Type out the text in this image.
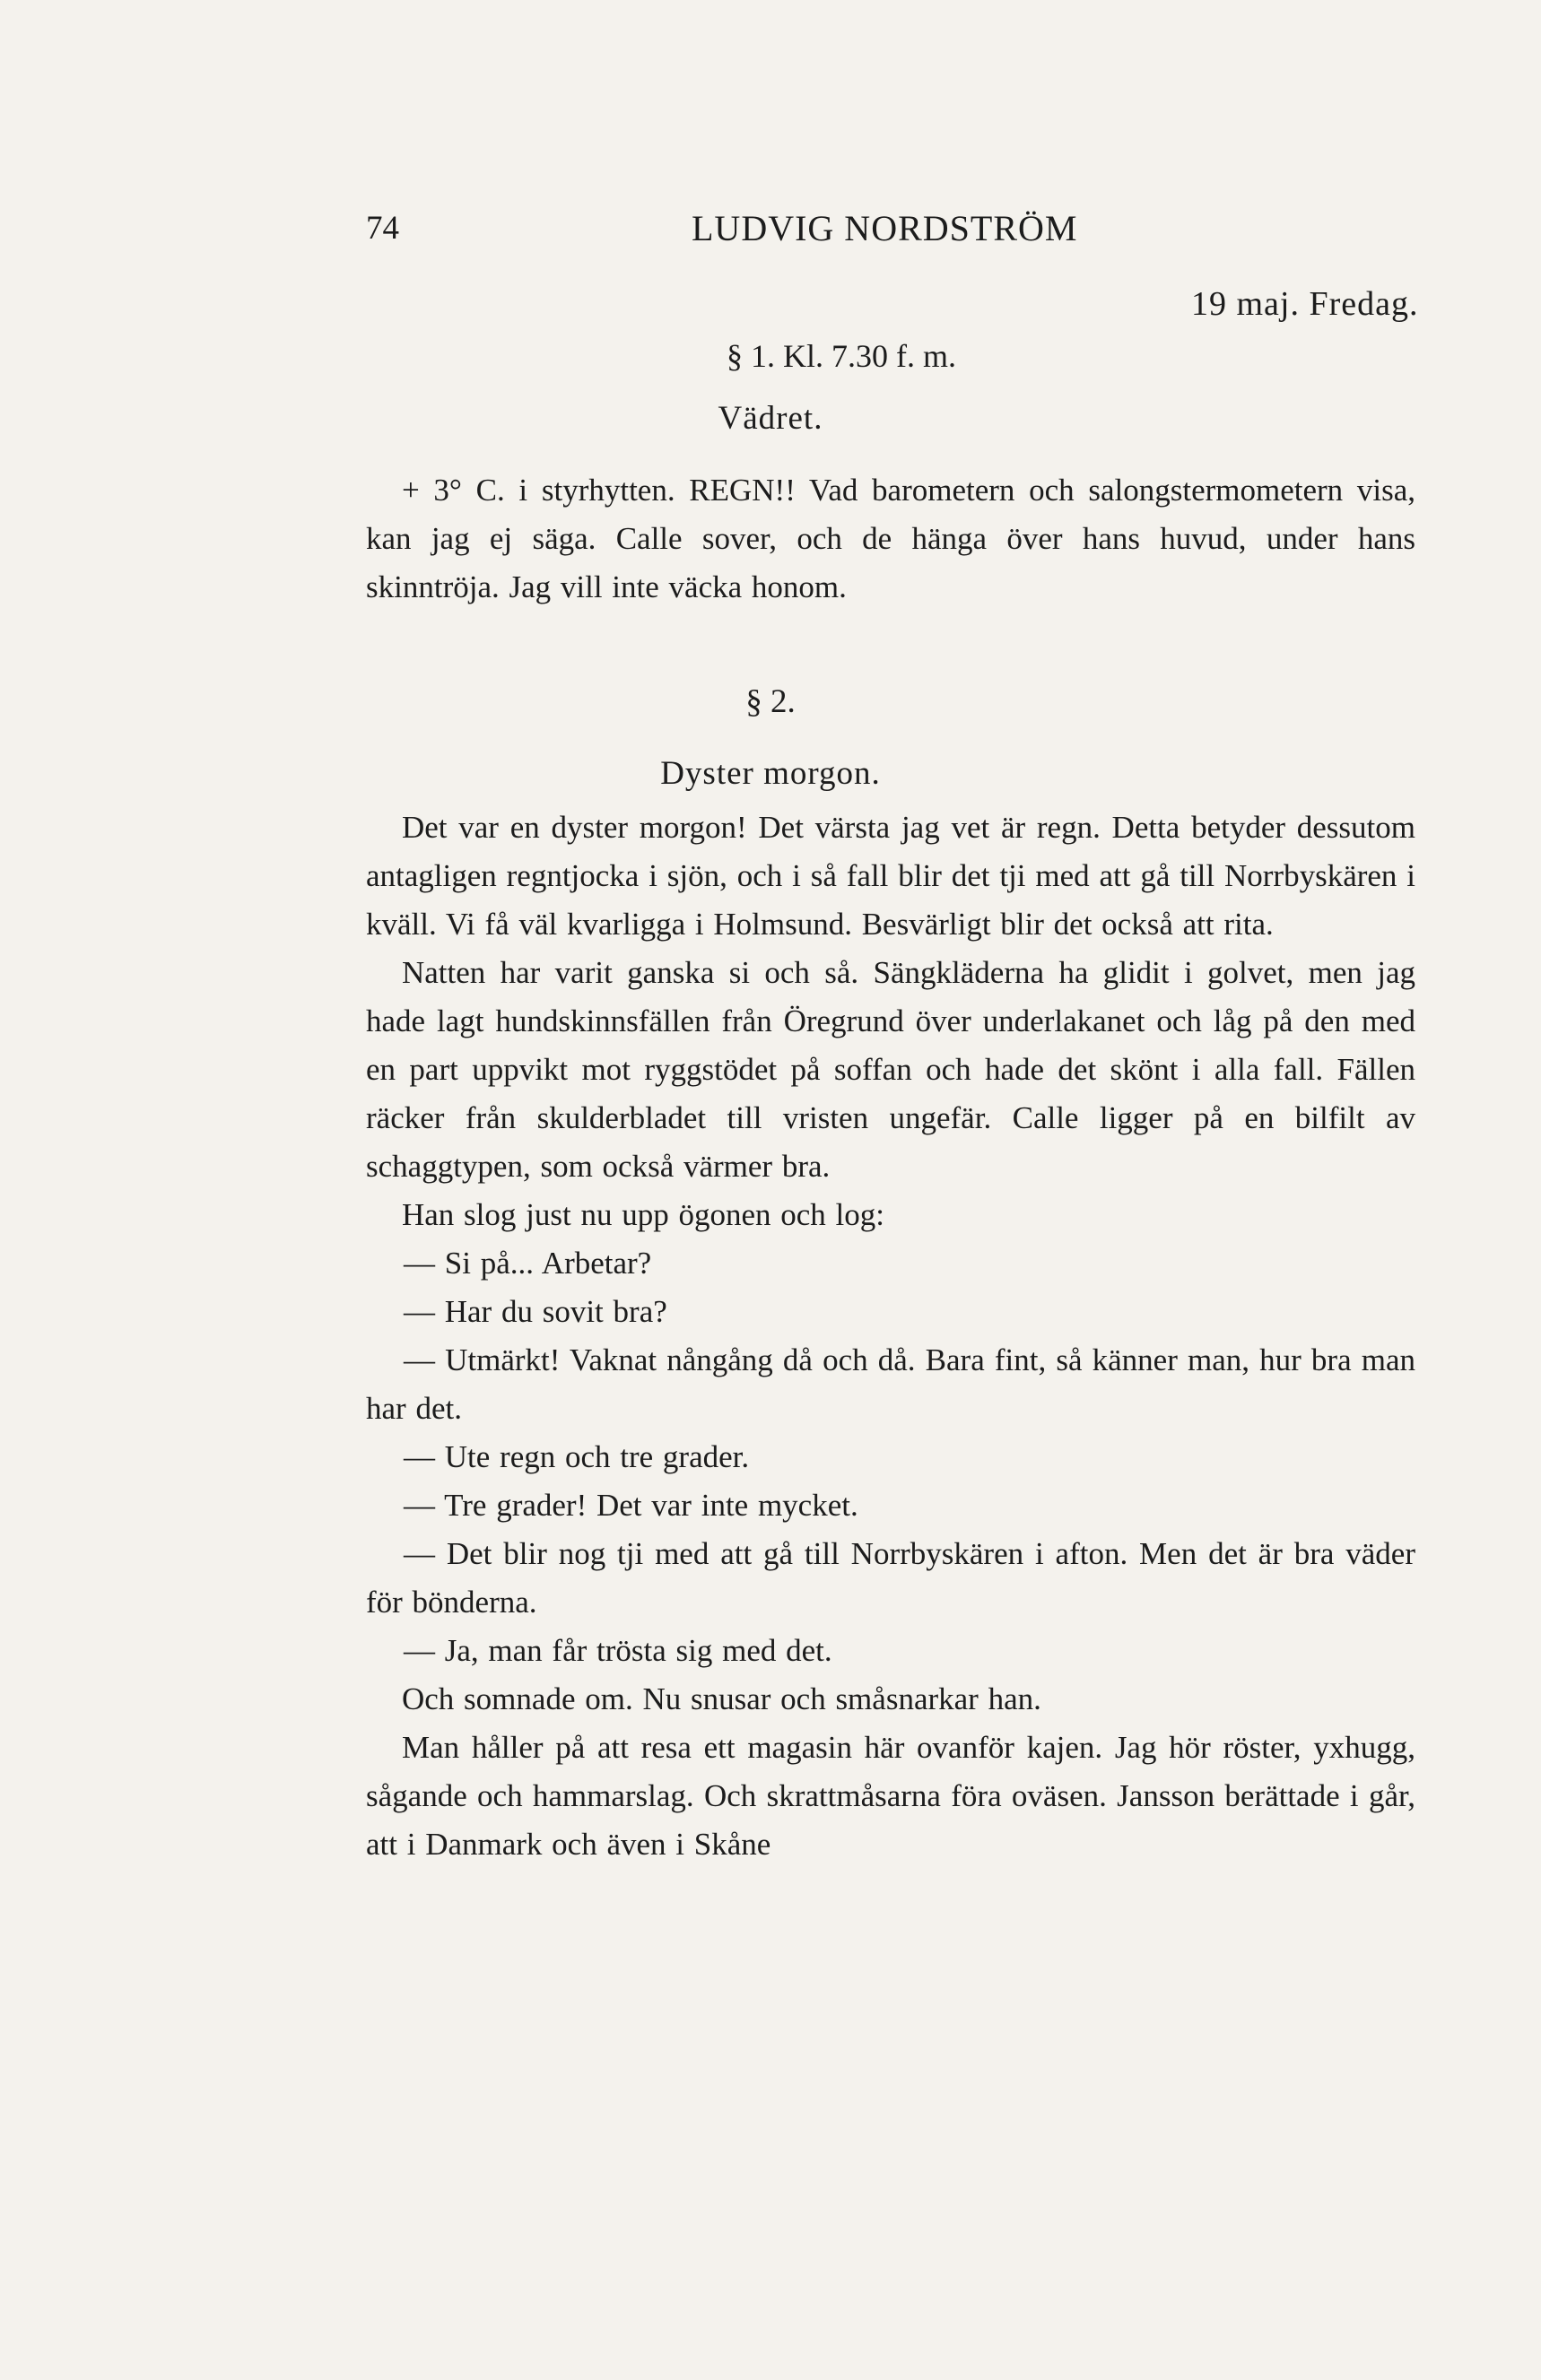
74	LUDVIG NORDSTRÖM
19 maj. Fredag.
§ 1. Kl. 7.30 f. m.
Vädret.

+ 3° C. i styrhytten. REGN!! Vad barometern och salongstermometern visa, kan jag ej säga. Calle sover, och de hänga över hans huvud, under hans skinntröja. Jag vill inte väcka honom.

§ 2.
Dyster morgon.

Det var en dyster morgon! Det värsta jag vet är regn. Detta betyder dessutom antagligen regntjocka i sjön, och i så fall blir det tji med att gå till Norrbyskären i kväll. Vi få väl kvarligga i Holmsund. Besvärligt blir det också att rita.

Natten har varit ganska si och så. Sängkläderna ha glidit i golvet, men jag hade lagt hundskinnsfällen från Öregrund över underlakanet och låg på den med en part uppvikt mot ryggstödet på soffan och hade det skönt i alla fall. Fällen räcker från skulderbladet till vristen ungefär. Calle ligger på en bilfilt av schaggtypen, som också värmer bra.

Han slog just nu upp ögonen och log:

— Si på... Arbetar?

— Har du sovit bra?

— Utmärkt! Vaknat nångång då och då. Bara fint, så känner man, hur bra man har det.

— Ute regn och tre grader.

— Tre grader! Det var inte mycket.

— Det blir nog tji med att gå till Norrbyskären i afton. Men det är bra väder för bönderna.

— Ja, man får trösta sig med det.

Och somnade om. Nu snusar och småsnarkar han.

Man håller på att resa ett magasin här ovanför kajen. Jag hör röster, yxhugg, sågande och hammarslag. Och skrattmåsarna föra oväsen. Jansson berättade i går, att i Danmark och även i Skåne
